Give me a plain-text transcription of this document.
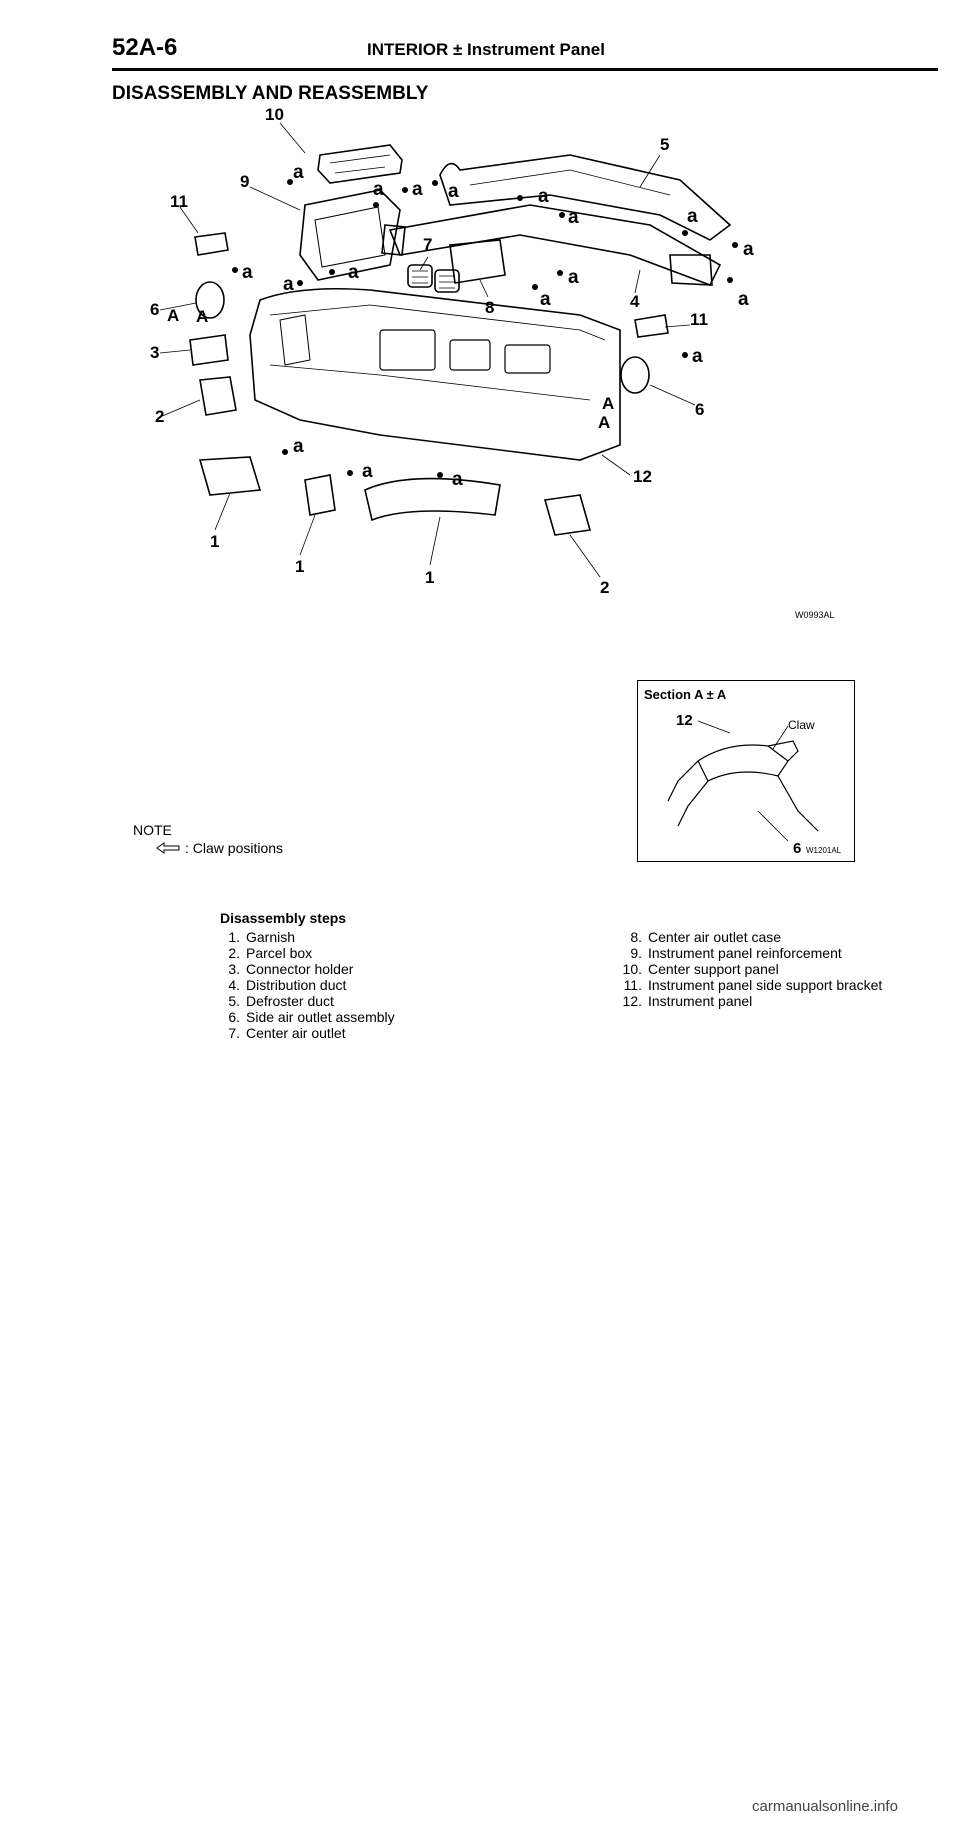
52A-6	INTERIOR ± Instrument Panel
DISASSEMBLY AND REASSEMBLY
10
9
5
11
7
8	4
11
6
3
2	6
12
1
1
1
2
a
a a a	a
a	a
a
a
a	a
a
a
a
a
a
a	a
A A
A
A
W0993AL
Section A ± A
12	Claw
6 W1201AL
NOTE
: Claw positions
Disassembly steps
1. Garnish
2. Parcel box
3. Connector holder
4. Distribution duct
5. Defroster duct
6. Side air outlet assembly
7. Center air outlet
8. Center air outlet case
9. Instrument panel reinforcement
10. Center support panel
11. Instrument panel side support bracket
12. Instrument panel
carmanualsonline.info
